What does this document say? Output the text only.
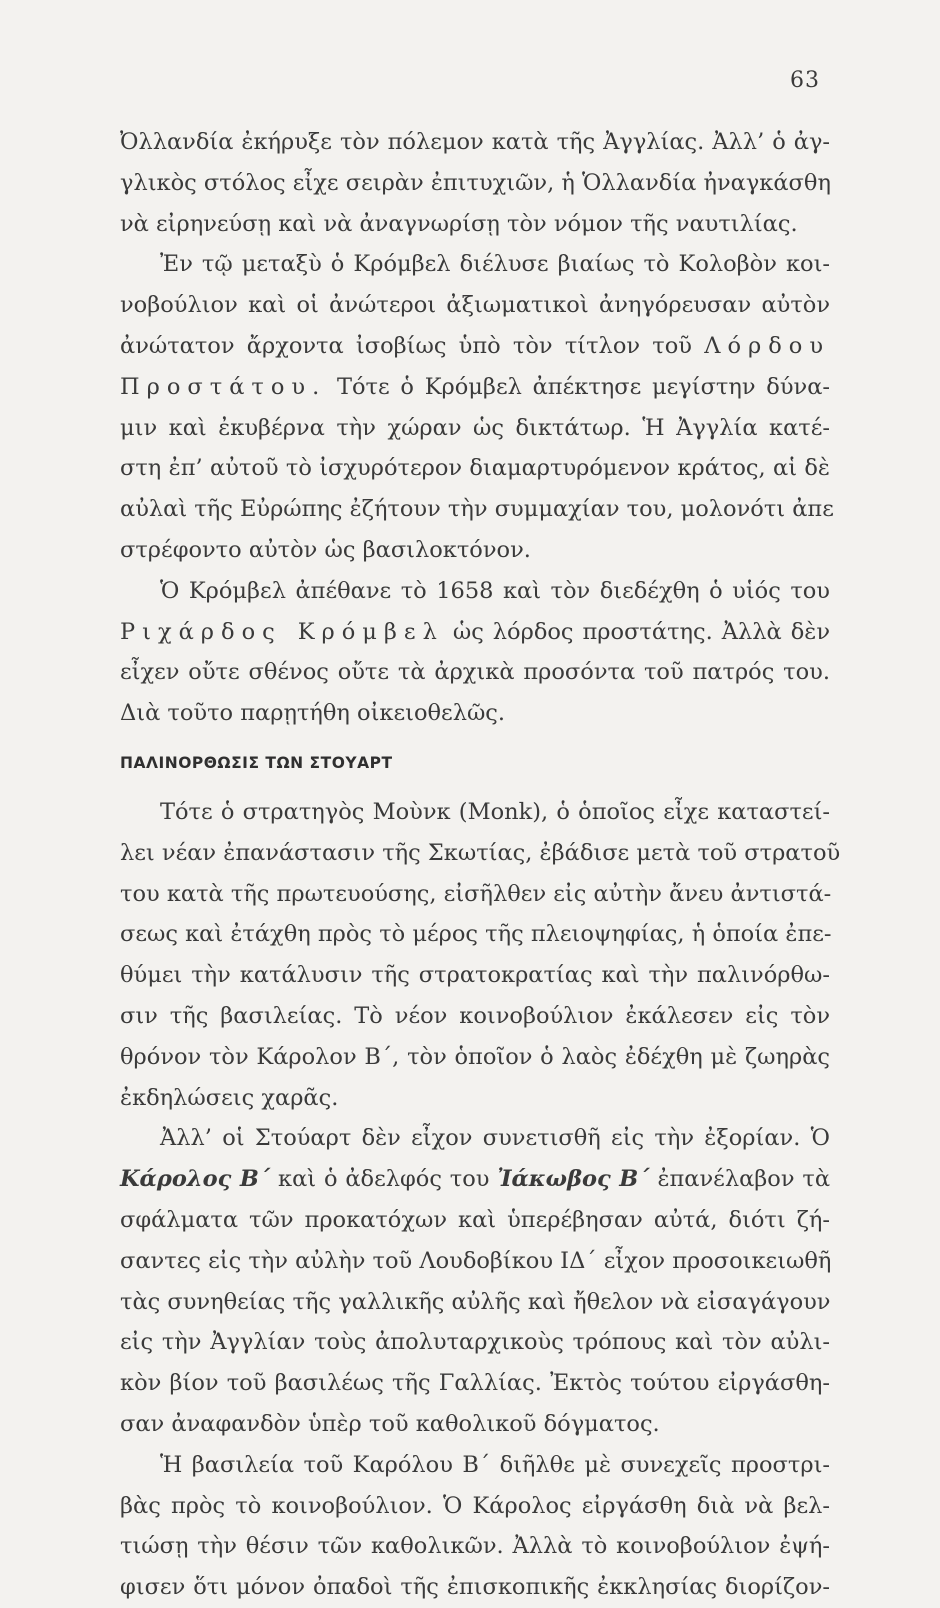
63
Ὀλλανδία ἐκήρυξε τὸν πόλεμον κατὰ τῆς Ἀγγλίας. Ἀλλ’ ὁ ἀγ-
γλικὸς στόλος εἶχε σειρὰν ἐπιτυχιῶν, ἡ Ὁλλανδία ἠναγκάσθη
νὰ εἰρηνεύσῃ καὶ νὰ ἀναγνωρίσῃ τὸν νόμον τῆς ναυτιλίας.
Ἐν τῷ μεταξὺ ὁ Κρόμβελ διέλυσε βιαίως τὸ Κολοβὸν κοι-
νοβούλιον καὶ οἱ ἀνώτεροι ἀξιωματικοὶ ἀνηγόρευσαν αὐτὸν
ἀνώτατον ἄρχοντα ἰσοβίως ὑπὸ τὸν τίτλον τοῦ Λόρδου
Προστάτου. Τότε ὁ Κρόμβελ ἀπέκτησε μεγίστην δύνα-
μιν καὶ ἐκυβέρνα τὴν χώραν ὡς δικτάτωρ. Ἡ Ἀγγλία κατέ-
στη ἐπ’ αὐτοῦ τὸ ἰσχυρότερον διαμαρτυρόμενον κράτος, αἱ δὲ
αὐλαὶ τῆς Εὐρώπης ἐζήτουν τὴν συμμαχίαν του, μολονότι ἀπε
στρέφοντο αὐτὸν ὡς βασιλοκτόνον.
Ὁ Κρόμβελ ἀπέθανε τὸ 1658 καὶ τὸν διεδέχθη ὁ υἱός του
Ριχάρδος Κρόμβελ ὡς λόρδος προστάτης. Ἀλλὰ δὲν
εἶχεν οὔτε σθένος οὔτε τὰ ἀρχικὰ προσόντα τοῦ πατρός του.
Διὰ τοῦτο παρῃτήθη οἰκειοθελῶς.
ΠΑΛΙΝΟΡΘΩΣΙΣ ΤΩΝ ΣΤΟΥΑΡΤ
Τότε ὁ στρατηγὸς Μοὺνκ (Monk), ὁ ὁποῖος εἶχε καταστεί-
λει νέαν ἐπανάστασιν τῆς Σκωτίας, ἐβάδισε μετὰ τοῦ στρατοῦ
του κατὰ τῆς πρωτευούσης, εἰσῆλθεν εἰς αὐτὴν ἄνευ ἀντιστά-
σεως καὶ ἐτάχθη πρὸς τὸ μέρος τῆς πλειοψηφίας, ἡ ὁποία ἐπε-
θύμει τὴν κατάλυσιν τῆς στρατοκρατίας καὶ τὴν παλινόρθω-
σιν τῆς βασιλείας. Τὸ νέον κοινοβούλιον ἐκάλεσεν εἰς τὸν
θρόνον τὸν Κάρολον Β΄, τὸν ὁποῖον ὁ λαὸς ἐδέχθη μὲ ζωηρὰς
ἐκδηλώσεις χαρᾶς.
Ἀλλ’ οἱ Στούαρτ δὲν εἶχον συνετισθῆ εἰς τὴν ἐξορίαν. Ὁ
Κάρολος Β΄ καὶ ὁ ἀδελφός του Ἰάκωβος Β΄ ἐπανέλαβον τὰ
σφάλματα τῶν προκατόχων καὶ ὑπερέβησαν αὐτά, διότι ζή-
σαντες εἰς τὴν αὐλὴν τοῦ Λουδοβίκου ΙΔ΄ εἶχον προσοικειωθῆ
τὰς συνηθείας τῆς γαλλικῆς αὐλῆς καὶ ἤθελον νὰ εἰσαγάγουν
εἰς τὴν Ἀγγλίαν τοὺς ἀπολυταρχικοὺς τρόπους καὶ τὸν αὐλι-
κὸν βίον τοῦ βασιλέως τῆς Γαλλίας. Ἐκτὸς τούτου εἰργάσθη-
σαν ἀναφανδὸν ὑπὲρ τοῦ καθολικοῦ δόγματος.
Ἡ βασιλεία τοῦ Καρόλου Β΄ διῆλθε μὲ συνεχεῖς προστρι-
βὰς πρὸς τὸ κοινοβούλιον. Ὁ Κάρολος εἰργάσθη διὰ νὰ βελ-
τιώσῃ τὴν θέσιν τῶν καθολικῶν. Ἀλλὰ τὸ κοινοβούλιον ἐψή-
φισεν ὅτι μόνον ὀπαδοὶ τῆς ἐπισκοπικῆς ἐκκλησίας διορίζον-
